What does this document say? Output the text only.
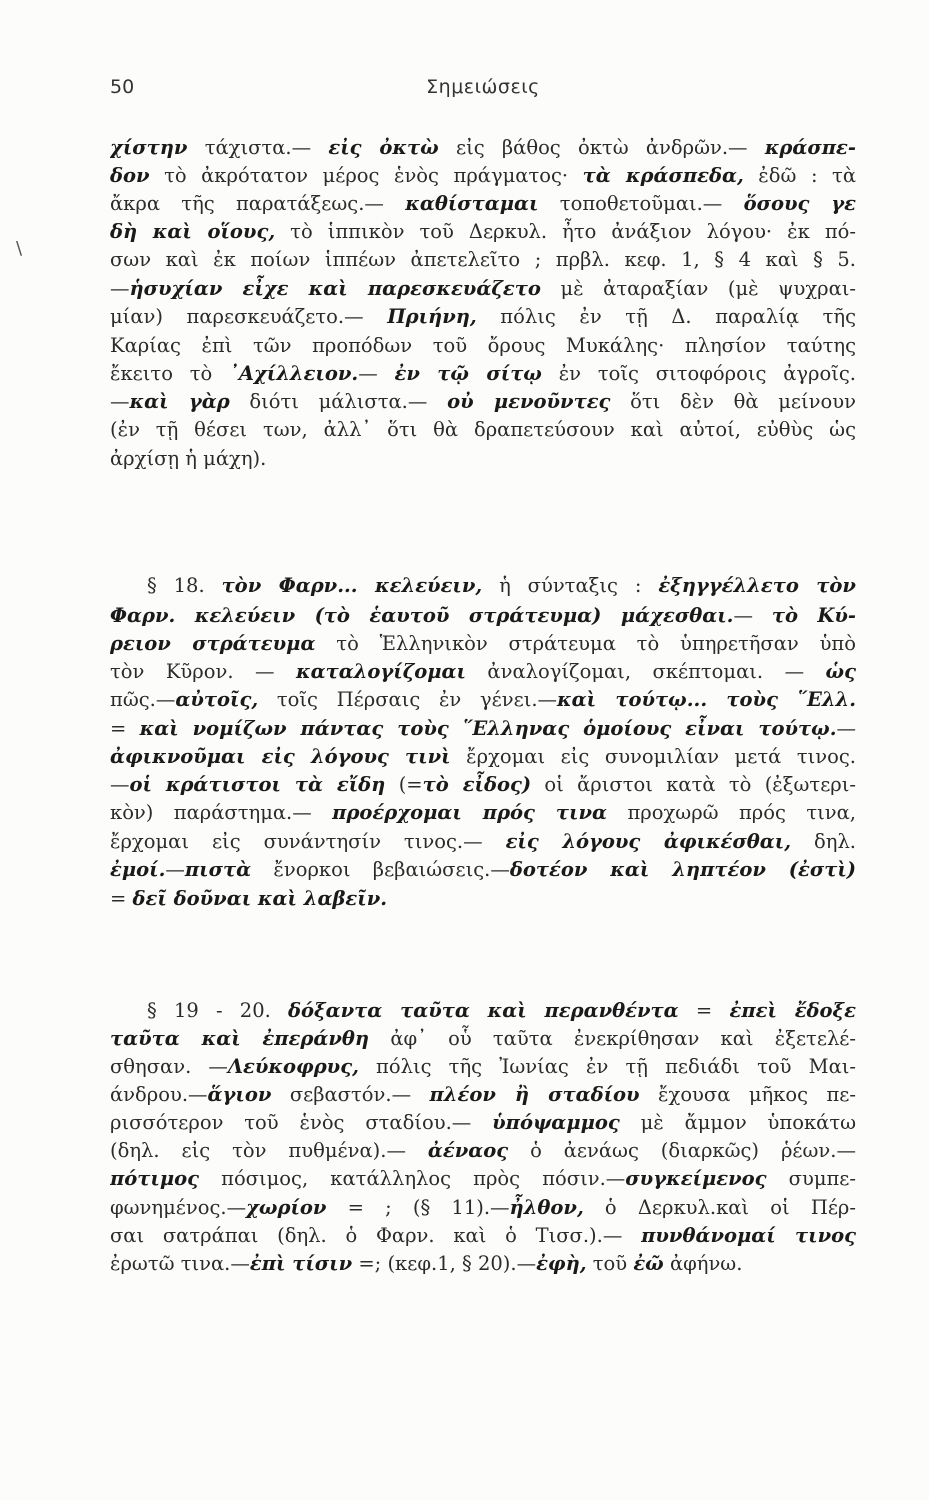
50	Σημειώσεις
\
χίστην τάχιστα.— εἰς ὀκτὼ εἰς βάθος ὀκτὼ ἀνδρῶν.— κράσπε-
δον τὸ ἀκρότατον μέρος ἑνὸς πράγματος· τὰ κράσπεδα, ἐδῶ : τὰ
ἄκρα τῆς παρατάξεως.— καθίσταμαι τοποθετοῦμαι.— ὅσους γε
δὴ καὶ οἵους, τὸ ἱππικὸν τοῦ Δερκυλ. ἦτο ἀνάξιον λόγου· ἐκ πό-
σων καὶ ἐκ ποίων ἱππέων ἀπετελεῖτο ; πρβλ. κεφ. 1, § 4 καὶ § 5.
—ἡσυχίαν εἶχε καὶ παρεσκευάζετο μὲ ἀταραξίαν (μὲ ψυχραι-
μίαν) παρεσκευάζετο.— Πριήνη, πόλις ἐν τῇ Δ. παραλίᾳ τῆς
Καρίας ἐπὶ τῶν προπόδων τοῦ ὄρους Μυκάλης· πλησίον ταύτης
ἔκειτο τὸ ᾽Αχίλλειον.— ἐν τῷ σίτῳ ἐν τοῖς σιτοφόροις ἀγροῖς.
—καὶ γὰρ διότι μάλιστα.— οὐ μενοῦντες ὅτι δὲν θὰ μείνουν
(ἐν τῇ θέσει των, ἀλλ᾽ ὅτι θὰ δραπετεύσουν καὶ αὐτοί, εὐθὺς ὡς
ἀρχίσῃ ἡ μάχη).
§ 18. τὸν Φαρν... κελεύειν, ἡ σύνταξις : ἐξηγγέλλετο τὸν
Φαρν. κελεύειν (τὸ ἑαυτοῦ στράτευμα) μάχεσθαι.— τὸ Κύ-
ρειον στράτευμα τὸ Ἑλληνικὸν στράτευμα τὸ ὑπηρετῆσαν ὑπὸ
τὸν Κῦρον. — καταλογίζομαι ἀναλογίζομαι, σκέπτομαι. — ὡς
πῶς.—αὐτοῖς, τοῖς Πέρσαις ἐν γένει.—καὶ τούτῳ... τοὺς ῞Ελλ.
= καὶ νομίζων πάντας τοὺς ῞Ελληνας ὁμοίους εἶναι τούτῳ.—
ἀφικνοῦμαι εἰς λόγους τινὶ ἔρχομαι εἰς συνομιλίαν μετά τινος.
—οἱ κράτιστοι τὰ εἴδη (=τὸ εἶδος) οἱ ἄριστοι κατὰ τὸ (ἐξωτερι-
κὸν) παράστημα.— προέρχομαι πρός τινα προχωρῶ πρός τινα,
ἔρχομαι εἰς συνάντησίν τινος.— εἰς λόγους ἀφικέσθαι, δηλ.
ἐμοί.—πιστὰ ἔνορκοι βεβαιώσεις.—δοτέον καὶ ληπτέον (ἐστὶ)
= δεῖ δοῦναι καὶ λαβεῖν.
§ 19 - 20. δόξαντα ταῦτα καὶ περανθέντα = ἐπεὶ ἔδοξε
ταῦτα καὶ ἐπεράνθη ἀφ᾽ οὗ ταῦτα ἐνεκρίθησαν καὶ ἐξετελέ-
σθησαν. —Λεύκοφρυς, πόλις τῆς Ἰωνίας ἐν τῇ πεδιάδι τοῦ Μαι-
άνδρου.—ἅγιον σεβαστόν.— πλέον ἢ σταδίου ἔχουσα μῆκος πε-
ρισσότερον τοῦ ἑνὸς σταδίου.— ὑπόψαμμος μὲ ἄμμον ὑποκάτω
(δηλ. εἰς τὸν πυθμένα).— ἀέναος ὁ ἀενάως (διαρκῶς) ῥέων.—
πότιμος πόσιμος, κατάλληλος πρὸς πόσιν.—συγκείμενος συμπε-
φωνημένος.—χωρίον = ; (§ 11).—ἦλθον, ὁ Δερκυλ.καὶ οἱ Πέρ-
σαι σατράπαι (δηλ. ὁ Φαρν. καὶ ὁ Τισσ.).— πυνθάνομαί τινος
ἐρωτῶ τινα.—ἐπὶ τίσιν =; (κεφ.1, § 20).—ἐφὴ, τοῦ ἐῶ ἀφήνω.
